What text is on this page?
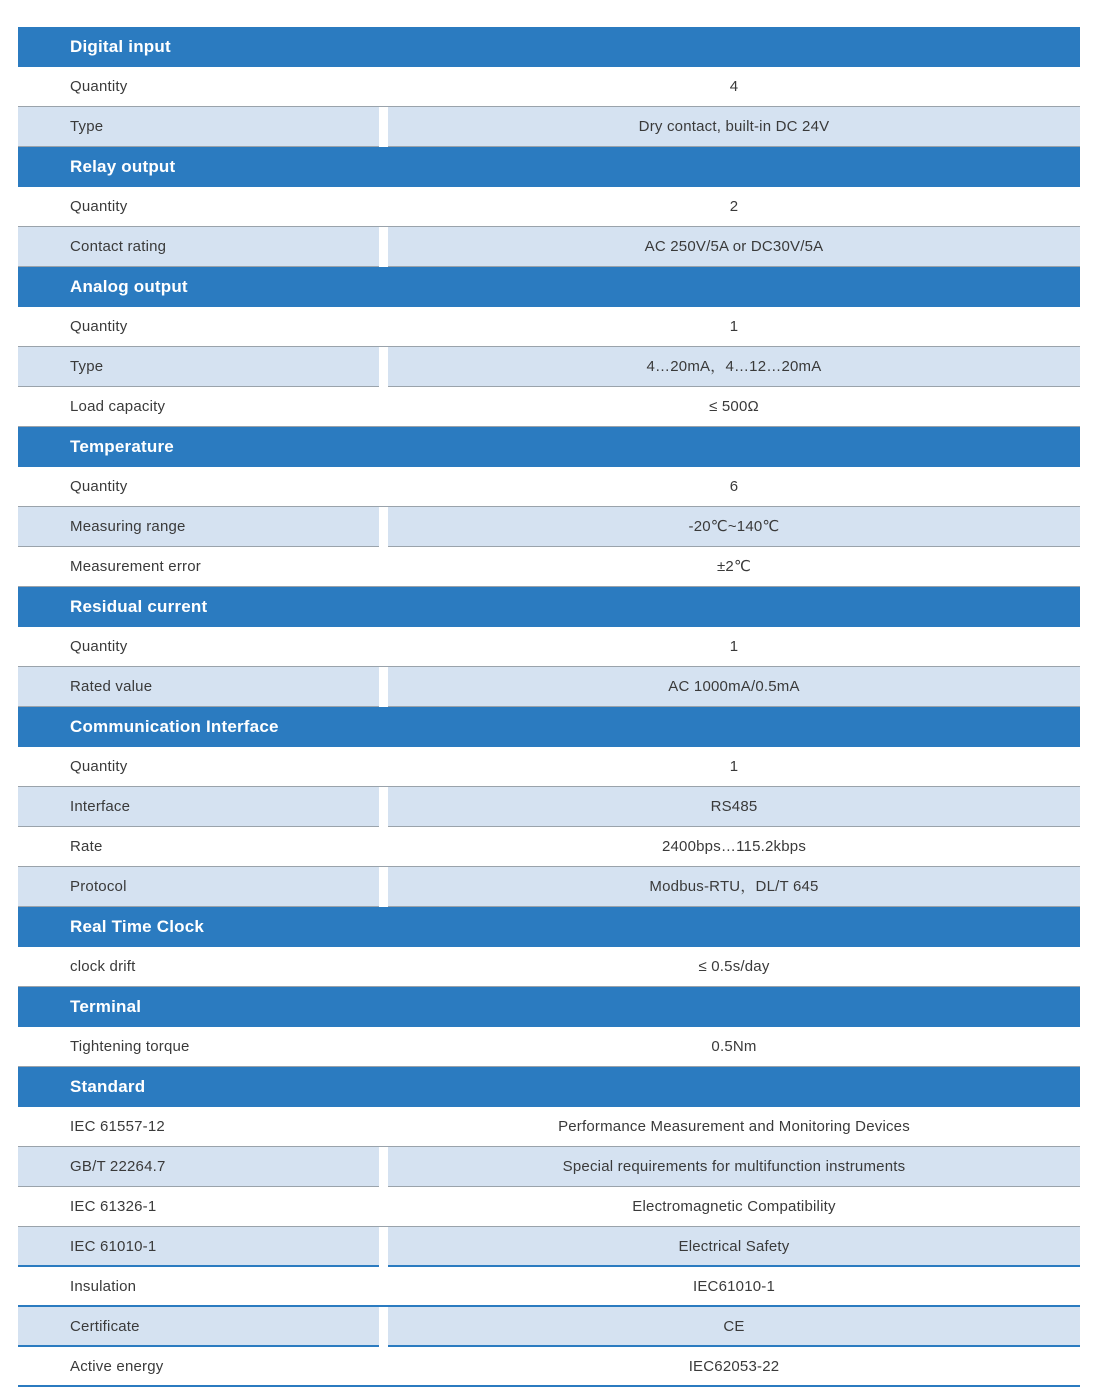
Digital input
Quantity	4
Type	Dry contact, built-in DC 24V
Relay output
Quantity	2
Contact rating	AC 250V/5A or DC30V/5A
Analog output
Quantity	1
Type	4…20mA，4…12…20mA
Load capacity	≤ 500Ω
Temperature
Quantity	6
Measuring range	-20℃~140℃
Measurement error	±2℃
Residual current
Quantity	1
Rated value	AC 1000mA/0.5mA
Communication Interface
Quantity	1
Interface	RS485
Rate	2400bps…115.2kbps
Protocol	Modbus-RTU，DL/T 645
Real Time Clock
clock drift	≤ 0.5s/day
Terminal
Tightening torque	0.5Nm
Standard
IEC 61557-12	Performance Measurement and Monitoring Devices
GB/T 22264.7	Special requirements for multifunction instruments
IEC 61326-1	Electromagnetic Compatibility
IEC 61010-1	Electrical Safety
Insulation	IEC61010-1
Certificate	CE
Active energy	IEC62053-22
